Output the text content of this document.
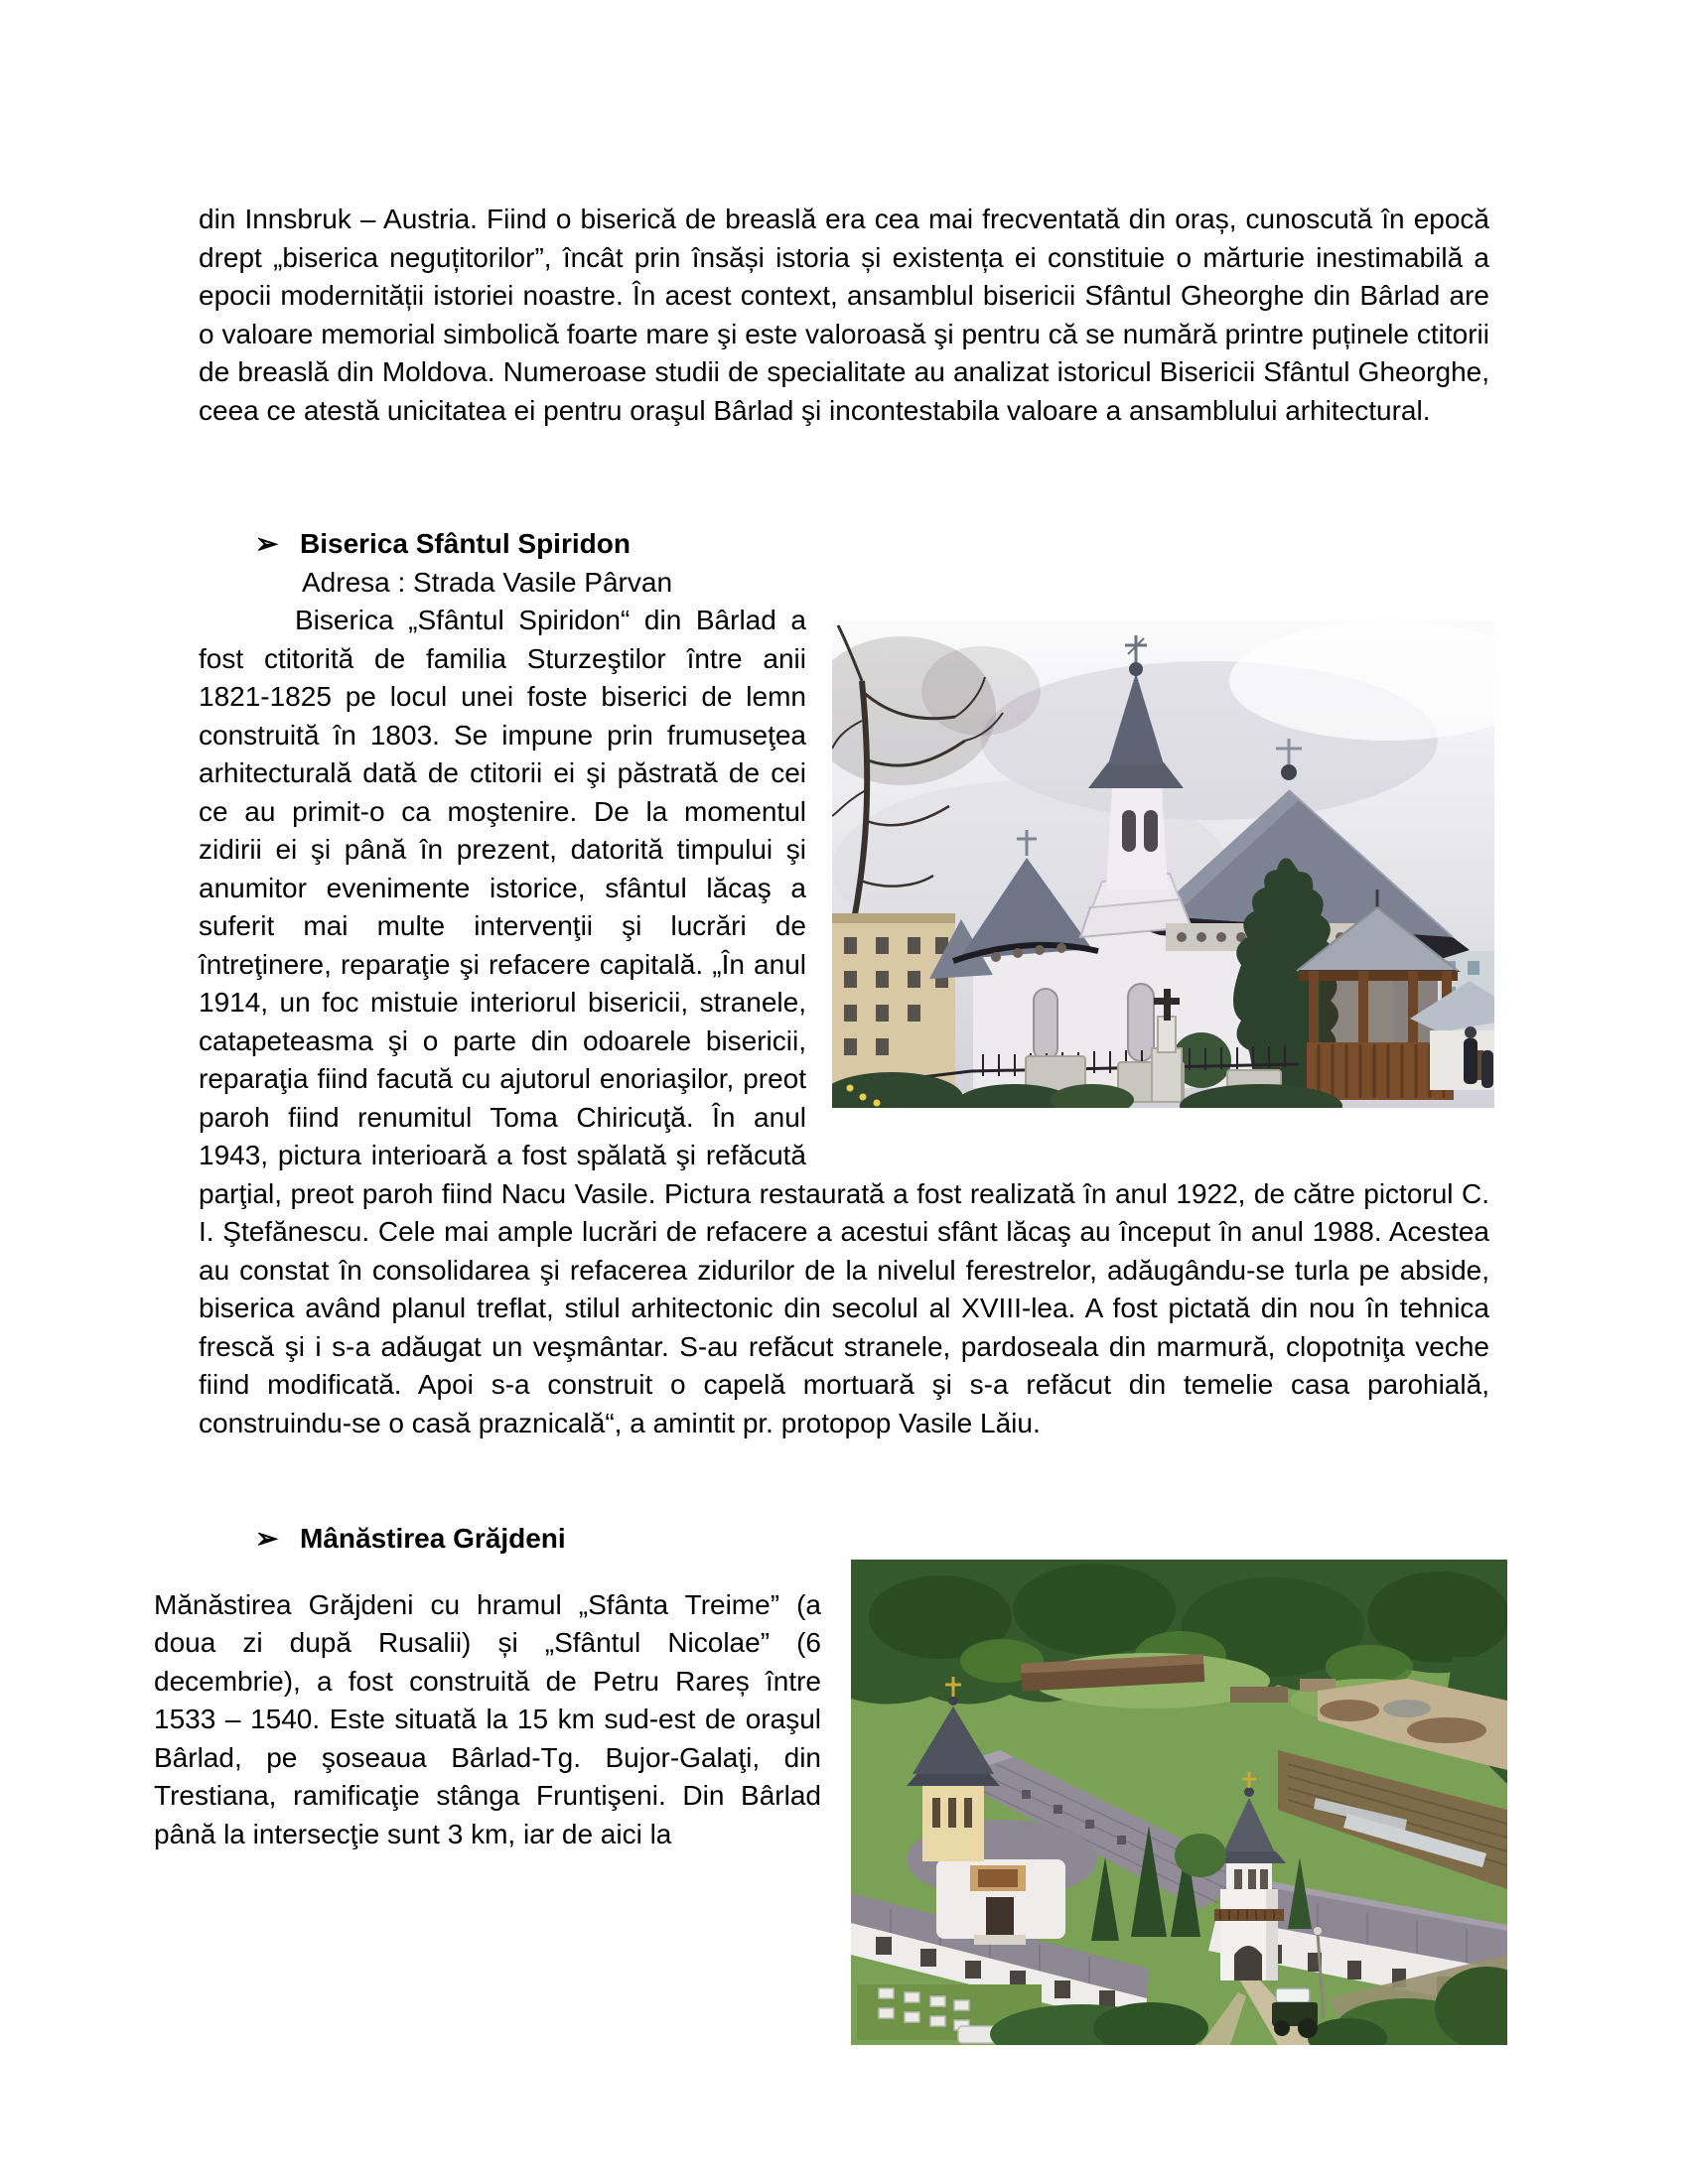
din Innsbruk – Austria. Fiind o biserică de breaslă era cea mai frecventată din oraș, cunoscută în epocă drept „biserica neguțitorilor”, încât prin însăși istoria și existența ei constituie o mărturie inestimabilă a epocii modernității istoriei noastre. În acest context, ansamblul bisericii Sfântul Gheorghe din Bârlad are o valoare memorial simbolică foarte mare şi este valoroasă şi pentru că se numără printre puținele ctitorii de breaslă din Moldova. Numeroase studii de specialitate au analizat istoricul Bisericii Sfântul Gheorghe, ceea ce atestă unicitatea ei pentru oraşul Bârlad şi incontestabila valoare a ansamblului arhitectural.

➢ Biserica Sfântul Spiridon

Adresa : Strada Vasile Pârvan

Biserica „Sfântul Spiridon“ din Bârlad a fost ctitorită de familia Sturzeştilor între anii 1821-1825 pe locul unei foste biserici de lemn construită în 1803. Se impune prin frumuseţea arhitecturală dată de ctitorii ei şi păstrată de cei ce au primit-o ca moştenire. De la momentul zidirii ei şi până în prezent, datorită timpului şi anumitor evenimente istorice, sfântul lăcaş a suferit mai multe intervenţii şi lucrări de întreţinere, reparaţie şi refacere capitală. „În anul 1914, un foc mistuie interiorul bisericii, stranele, catapeteasma şi o parte din odoarele bisericii, reparaţia fiind facută cu ajutorul enoriaşilor, preot paroh fiind renumitul Toma Chiricuţă. În anul 1943, pictura interioară a fost spălată şi refăcută parţial, preot paroh fiind Nacu Vasile. Pictura restaurată a fost realizată în anul 1922, de către pictorul C. I. Ştefănescu. Cele mai ample lucrări de refacere a acestui sfânt lăcaş au început în anul 1988. Acestea au constat în consolidarea şi refacerea zidurilor de la nivelul ferestrelor, adăugându-se turla pe abside, biserica având planul treflat, stilul arhitectonic din secolul al XVIII-lea. A fost pictată din nou în tehnica frescă şi i s-a adăugat un veşmântar. S-au refăcut stranele, pardoseala din marmură, clopotniţa veche fiind modificată. Apoi s-a construit o capelă mortuară şi s-a refăcut din temelie casa parohială, construindu-se o casă praznicală“, a amintit pr. protopop Vasile Lăiu.

➢ Mânăstirea Grăjdeni

Mănăstirea Grăjdeni cu hramul „Sfânta Treime” (a doua zi după Rusalii) și „Sfântul Nicolae” (6 decembrie), a fost construită de Petru Rareș între 1533 – 1540. Este situată la 15 km sud-est de oraşul Bârlad, pe şoseaua Bârlad-Tg. Bujor-Galaţi, din Trestiana, ramificaţie stânga Fruntişeni. Din Bârlad până la intersecţie sunt 3 km, iar de aici la
